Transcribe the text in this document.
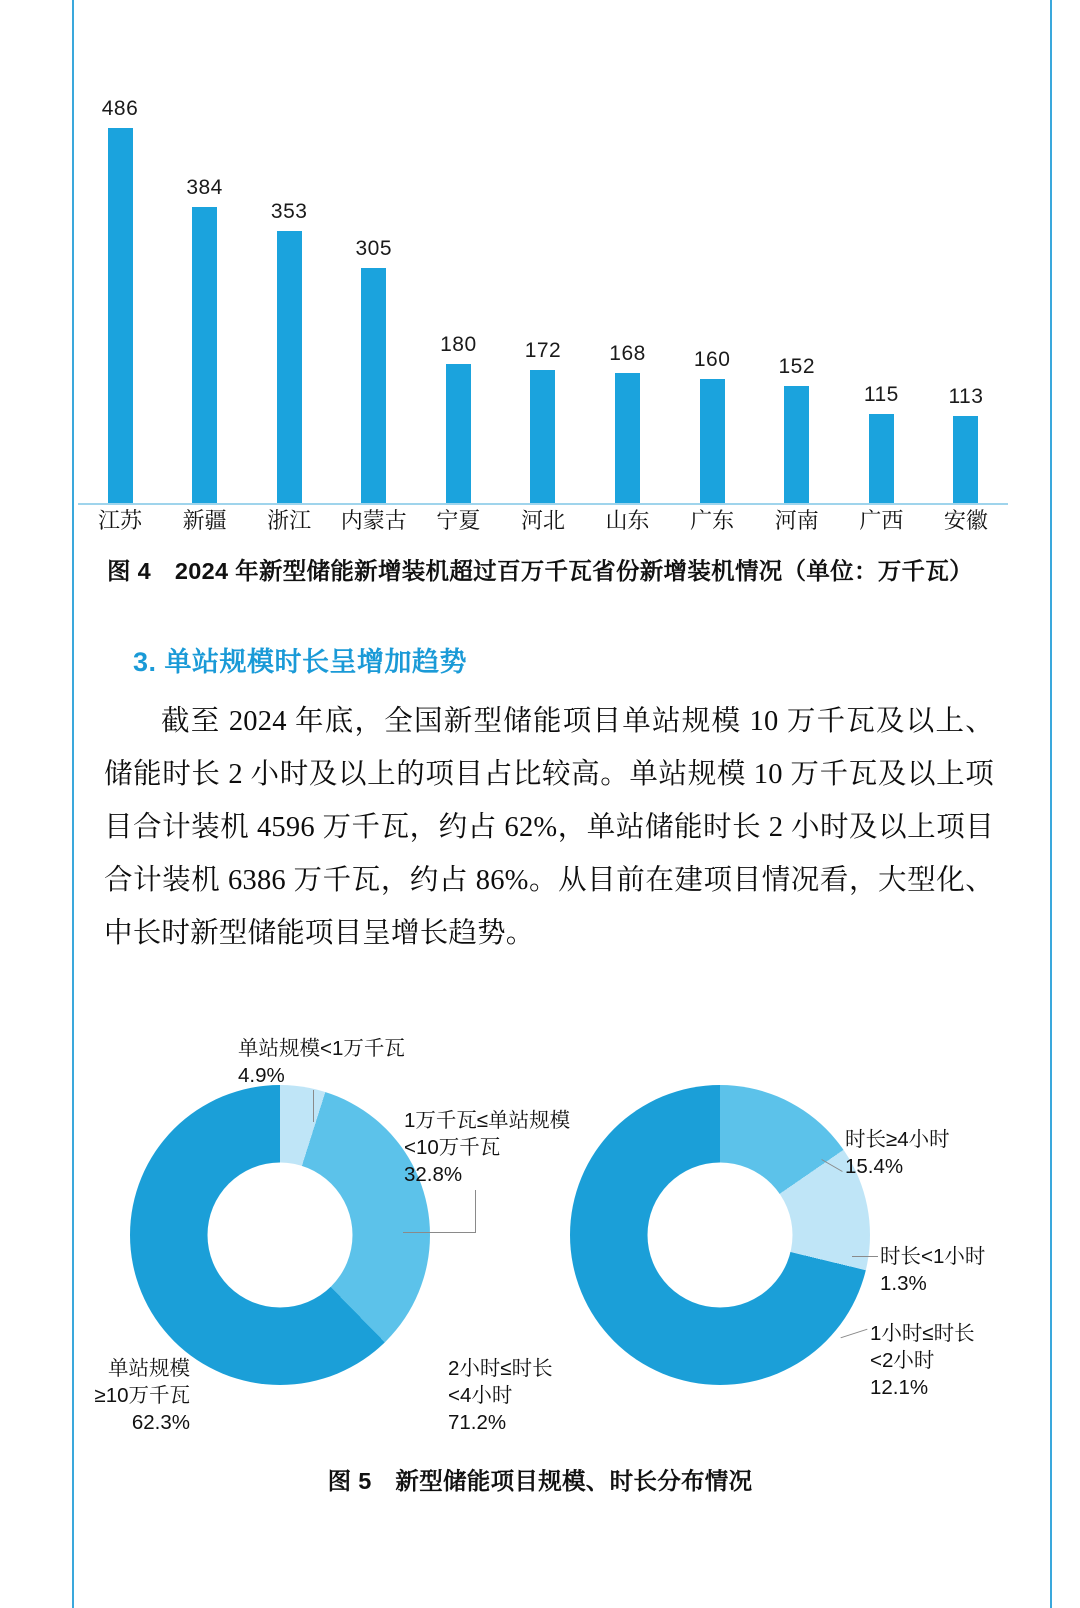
486
384
353
305
180 172 168 160 152
115 113
江苏	新疆	浙江	内蒙古	宁夏	河北	山东	广东	河南	广西	安徽
图 4　2024 年新型储能新增装机超过百万千瓦省份新增装机情况（单位：万千瓦）
3. 单站规模时长呈增加趋势
截至 2024 年底，全国新型储能项目单站规模 10 万千瓦及以上、储能时长 2 小时及以上的项目占比较高。单站规模 10 万千瓦及以上项目合计装机 4596 万千瓦，约占 62%，单站储能时长 2 小时及以上项目合计装机 6386 万千瓦，约占 86%。从目前在建项目情况看，大型化、中长时新型储能项目呈增长趋势。
单站规模<1万千瓦
4.9%
1万千瓦≤单站规模
<10万千瓦
32.8%
单站规模
≥10万千瓦
62.3%
2小时≤时长
<4小时
71.2%
时长≥4小时
15.4%
时长<1小时
1.3%
1小时≤时长
<2小时
12.1%
图 5　新型储能项目规模、时长分布情况
